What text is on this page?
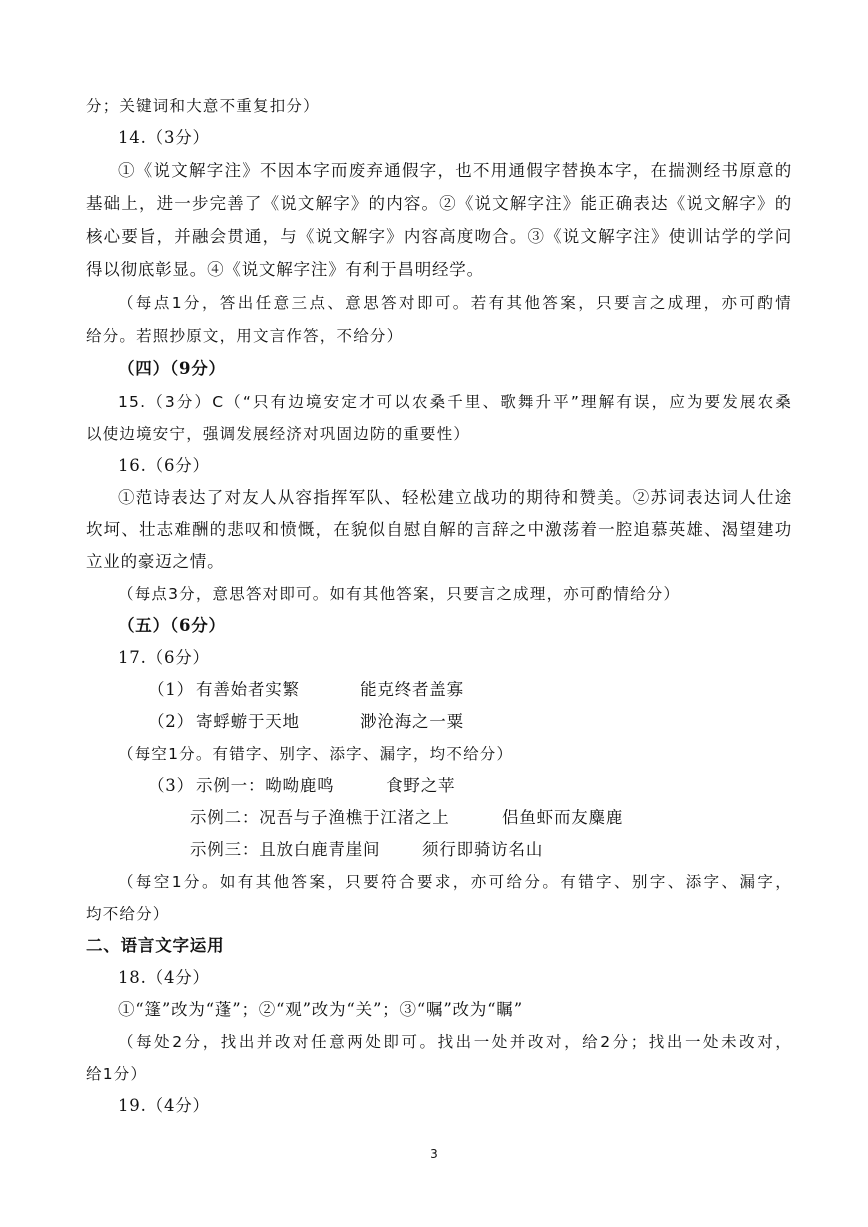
分；关键词和大意不重复扣分）
14.（3分）
①《说文解字注》不因本字而废弃通假字，也不用通假字替换本字，在揣测经书原意的
基础上，进一步完善了《说文解字》的内容。②《说文解字注》能正确表达《说文解字》的
核心要旨，并融会贯通，与《说文解字》内容高度吻合。③《说文解字注》使训诂学的学问
得以彻底彰显。④《说文解字注》有利于昌明经学。
（每点1分，答出任意三点、意思答对即可。若有其他答案，只要言之成理，亦可酌情
给分。若照抄原文，用文言作答，不给分）
（四）（9分）
15.（3分）C（“只有边境安定才可以农桑千里、歌舞升平”理解有误，应为要发展农桑
以使边境安宁，强调发展经济对巩固边防的重要性）
16.（6分）
①范诗表达了对友人从容指挥军队、轻松建立战功的期待和赞美。②苏词表达词人仕途
坎坷、壮志难酬的悲叹和愤慨，在貌似自慰自解的言辞之中激荡着一腔追慕英雄、渴望建功
立业的豪迈之情。
（每点3分，意思答对即可。如有其他答案，只要言之成理，亦可酌情给分）
（五）（6分）
17.（6分）
（1） 有善始者实繁	能克终者盖寡
（2） 寄蜉蝣于天地	渺沧海之一粟
（每空1分。有错字、别字、添字、漏字，均不给分）
（3） 示例一：呦呦鹿鸣	食野之苹
示例二：况吾与子渔樵于江渚之上	侣鱼虾而友麋鹿
示例三：且放白鹿青崖间	须行即骑访名山
（每空1分。如有其他答案，只要符合要求，亦可给分。有错字、别字、添字、漏字，
均不给分）
二、语言文字运用
18.（4分）
①“篷”改为“蓬”；②“观”改为“关”；③“嘱”改为“瞩”
（每处2分，找出并改对任意两处即可。找出一处并改对，给2分；找出一处未改对，
给1分）
19.（4分）
3
